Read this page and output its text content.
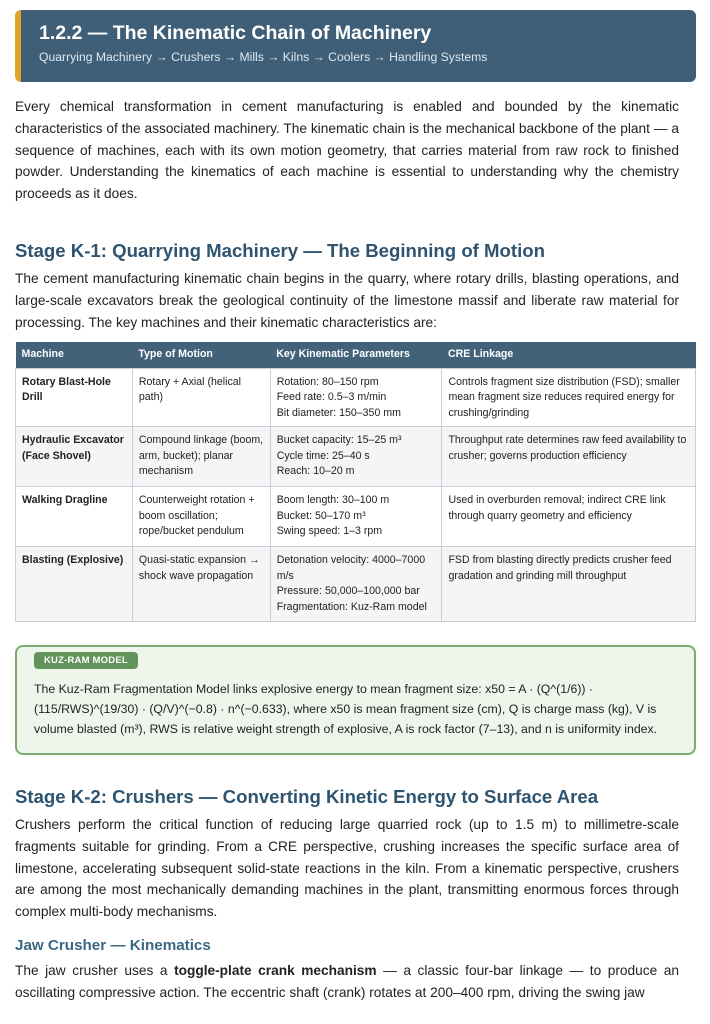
1.2.2 — The Kinematic Chain of Machinery
Quarrying Machinery → Crushers → Mills → Kilns → Coolers → Handling Systems

Every chemical transformation in cement manufacturing is enabled and bounded by the kinematic characteristics of the associated machinery. The kinematic chain is the mechanical backbone of the plant — a sequence of machines, each with its own motion geometry, that carries material from raw rock to finished powder. Understanding the kinematics of each machine is essential to understanding why the chemistry proceeds as it does.

Stage K-1: Quarrying Machinery — The Beginning of Motion

The cement manufacturing kinematic chain begins in the quarry, where rotary drills, blasting operations, and large-scale excavators break the geological continuity of the limestone massif and liberate raw material for processing. The key machines and their kinematic characteristics are:

Machine	Type of Motion	Key Kinematic Parameters	CRE Linkage
Rotary Blast-Hole Drill	Rotary + Axial (helical path)	Rotation: 80–150 rpm
Feed rate: 0.5–3 m/min
Bit diameter: 150–350 mm	Controls fragment size distribution (FSD); smaller mean fragment size reduces required energy for crushing/grinding
Hydraulic Excavator (Face Shovel)	Compound linkage (boom, arm, bucket); planar mechanism	Bucket capacity: 15–25 m³
Cycle time: 25–40 s
Reach: 10–20 m	Throughput rate determines raw feed availability to crusher; governs production efficiency
Walking Dragline	Counterweight rotation + boom oscillation; rope/bucket pendulum	Boom length: 30–100 m
Bucket: 50–170 m³
Swing speed: 1–3 rpm	Used in overburden removal; indirect CRE link through quarry geometry and efficiency
Blasting (Explosive)	Quasi-static expansion → shock wave propagation	Detonation velocity: 4000–7000 m/s
Pressure: 50,000–100,000 bar
Fragmentation: Kuz-Ram model	FSD from blasting directly predicts crusher feed gradation and grinding mill throughput
KUZ-RAM MODEL

The Kuz-Ram Fragmentation Model links explosive energy to mean fragment size: x50 = A · (Q^(1/6)) · (115/RWS)^(19/30) · (Q/V)^(−0.8) · n^(−0.633), where x50 is mean fragment size (cm), Q is charge mass (kg), V is volume blasted (m³), RWS is relative weight strength of explosive, A is rock factor (7–13), and n is uniformity index.

Stage K-2: Crushers — Converting Kinetic Energy to Surface Area

Crushers perform the critical function of reducing large quarried rock (up to 1.5 m) to millimetre-scale fragments suitable for grinding. From a CRE perspective, crushing increases the specific surface area of limestone, accelerating subsequent solid-state reactions in the kiln. From a kinematic perspective, crushers are among the most mechanically demanding machines in the plant, transmitting enormous forces through complex multi-body mechanisms.

Jaw Crusher — Kinematics

The jaw crusher uses a toggle-plate crank mechanism — a classic four-bar linkage — to produce an oscillating compressive action. The eccentric shaft (crank) rotates at 200–400 rpm, driving the swing jaw
